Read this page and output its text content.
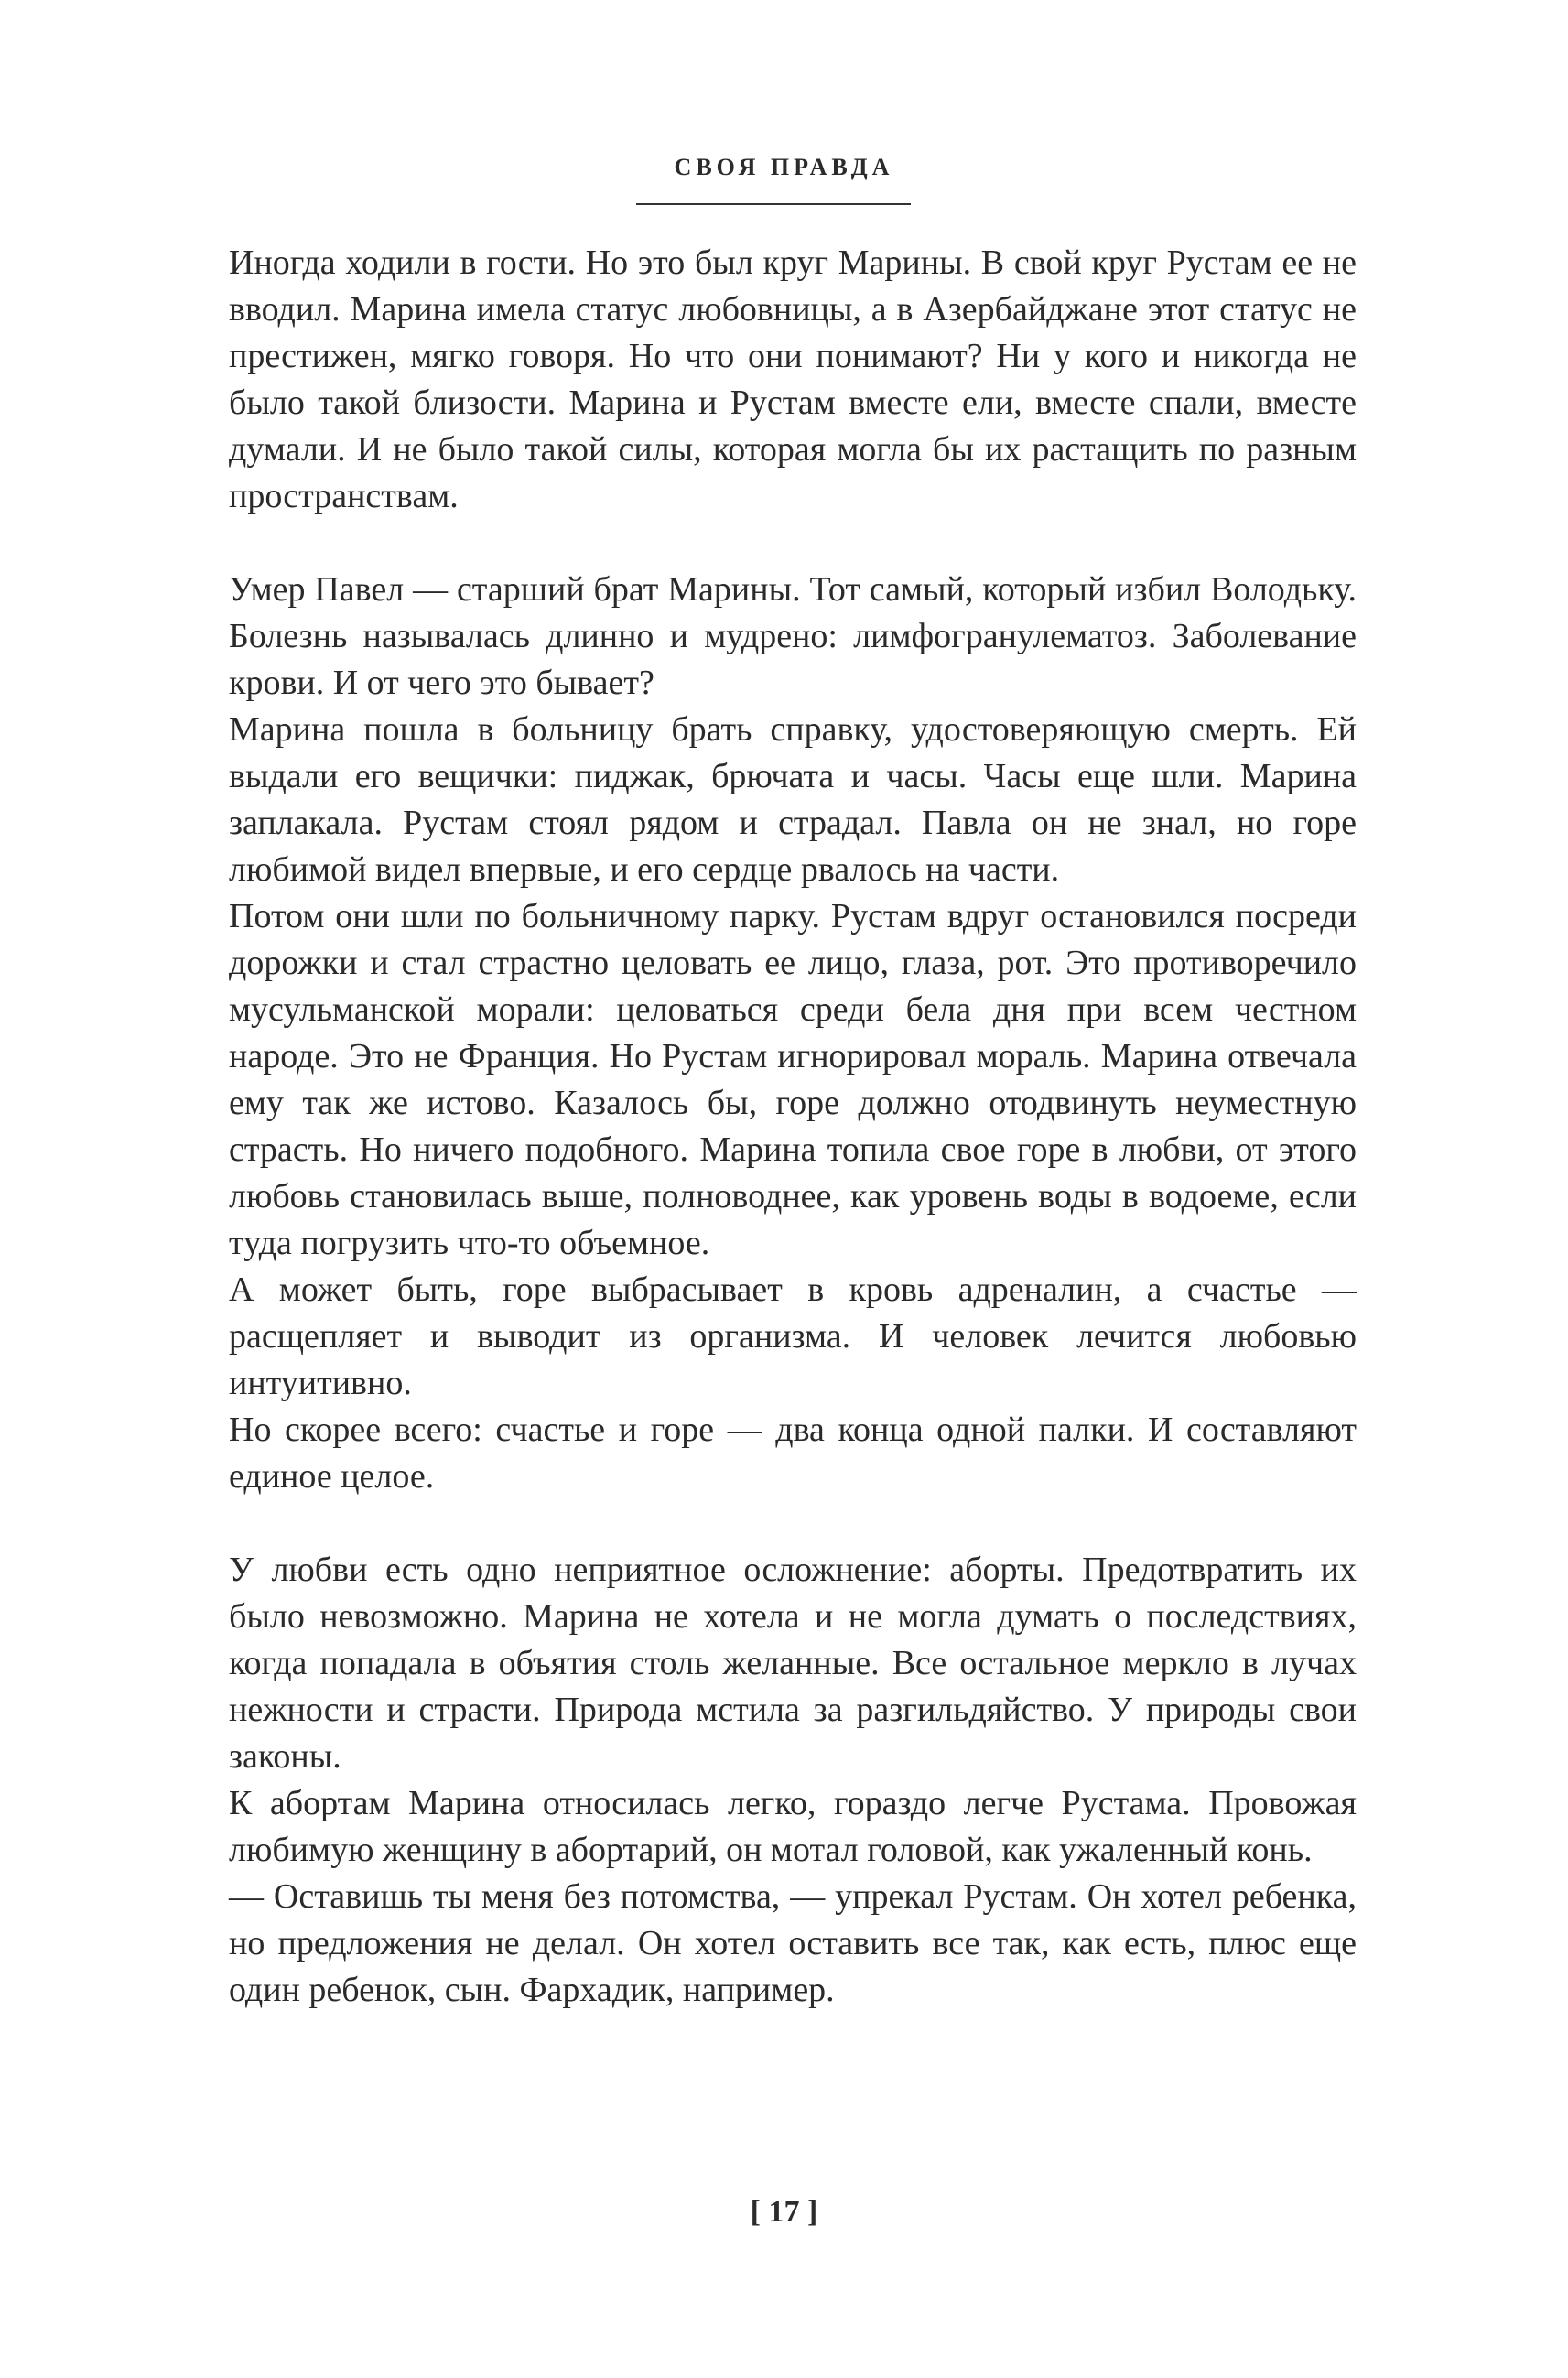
СВОЯ ПРАВДА

Иногда ходили в гости. Но это был круг Марины. В свой круг Рустам ее не вводил. Марина имела статус любовницы, а в Азербайджане этот статус не престижен, мягко говоря. Но что они понимают? Ни у кого и никогда не было такой близости. Марина и Рустам вместе ели, вместе спали, вместе думали. И не было такой силы, которая могла бы их растащить по разным пространствам.

Умер Павел — старший брат Марины. Тот самый, который избил Володьку. Болезнь называлась длинно и мудрено: лимфогранулематоз. Заболевание крови. И от чего это бывает?

Марина пошла в больницу брать справку, удостоверяющую смерть. Ей выдали его вещички: пиджак, брючата и часы. Часы еще шли. Марина заплакала. Рустам стоял рядом и страдал. Павла он не знал, но горе любимой видел впервые, и его сердце рвалось на части.

Потом они шли по больничному парку. Рустам вдруг остановился посреди дорожки и стал страстно целовать ее лицо, глаза, рот. Это противоречило мусульманской морали: целоваться среди бела дня при всем честном народе. Это не Франция. Но Рустам игнорировал мораль. Марина отвечала ему так же истово. Казалось бы, горе должно отодвинуть неуместную страсть. Но ничего подобного. Марина топила свое горе в любви, от этого любовь становилась выше, полноводнее, как уровень воды в водоеме, если туда погрузить что-то объемное.

А может быть, горе выбрасывает в кровь адреналин, а счастье — расщепляет и выводит из организма. И человек лечится любовью интуитивно.

Но скорее всего: счастье и горе — два конца одной палки. И составляют единое целое.

У любви есть одно неприятное осложнение: аборты. Предотвратить их было невозможно. Марина не хотела и не могла думать о последствиях, когда попадала в объятия столь желанные. Все остальное меркло в лучах нежности и страсти. Природа мстила за разгильдяйство. У природы свои законы.

К абортам Марина относилась легко, гораздо легче Рустама. Провожая любимую женщину в абортарий, он мотал головой, как ужаленный конь.

— Оставишь ты меня без потомства, — упрекал Рустам. Он хотел ребенка, но предложения не делал. Он хотел оставить все так, как есть, плюс еще один ребенок, сын. Фархадик, например.

[ 17 ]
